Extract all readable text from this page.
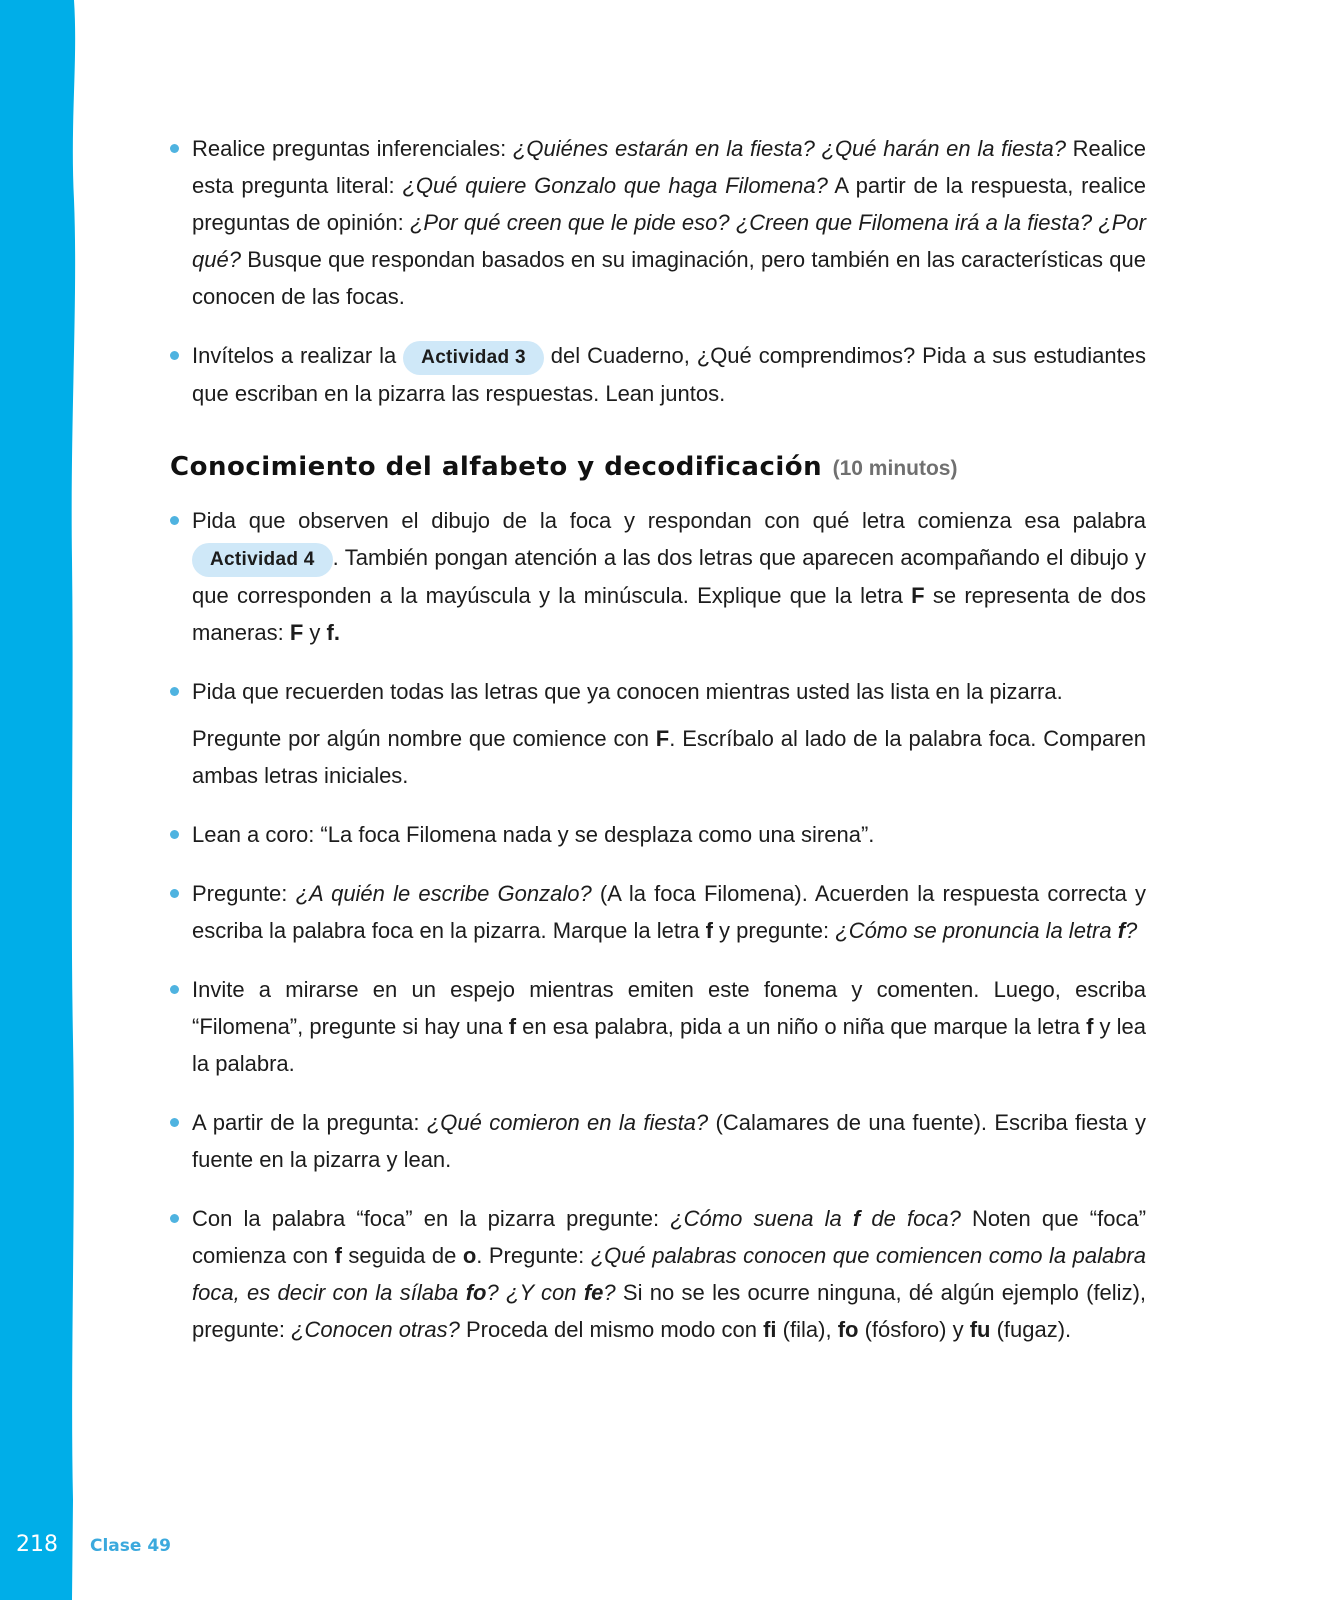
Realice preguntas inferenciales: ¿Quiénes estarán en la fiesta? ¿Qué harán en la fiesta? Realice esta pregunta literal: ¿Qué quiere Gonzalo que haga Filomena? A partir de la respuesta, realice preguntas de opinión: ¿Por qué creen que le pide eso? ¿Creen que Filomena irá a la fiesta? ¿Por qué? Busque que respondan basados en su imaginación, pero también en las características que conocen de las focas.
Invítelos a realizar la Actividad 3 del Cuaderno, ¿Qué comprendimos? Pida a sus estudiantes que escriban en la pizarra las respuestas. Lean juntos.
Conocimiento del alfabeto y decodificación (10 minutos)
Pida que observen el dibujo de la foca y respondan con qué letra comienza esa palabra Actividad 4 . También pongan atención a las dos letras que aparecen acompañando el dibujo y que corresponden a la mayúscula y la minúscula. Explique que la letra F se representa de dos maneras: F y f.
Pida que recuerden todas las letras que ya conocen mientras usted las lista en la pizarra.
Pregunte por algún nombre que comience con F. Escríbalo al lado de la palabra foca. Comparen ambas letras iniciales.
Lean a coro: “La foca Filomena nada y se desplaza como una sirena”.
Pregunte: ¿A quién le escribe Gonzalo? (A la foca Filomena). Acuerden la respuesta correcta y escriba la palabra foca en la pizarra. Marque la letra f y pregunte: ¿Cómo se pronuncia la letra f?
Invite a mirarse en un espejo mientras emiten este fonema y comenten. Luego, escriba “Filomena”, pregunte si hay una f en esa palabra, pida a un niño o niña que marque la letra f y lea la palabra.
A partir de la pregunta: ¿Qué comieron en la fiesta? (Calamares de una fuente). Escriba fiesta y fuente en la pizarra y lean.
Con la palabra “foca” en la pizarra pregunte: ¿Cómo suena la f de foca? Noten que “foca” comienza con f seguida de o. Pregunte: ¿Qué palabras conocen que comiencen como la palabra foca, es decir con la sílaba fo? ¿Y con fe? Si no se les ocurre ninguna, dé algún ejemplo (feliz), pregunte: ¿Conocen otras? Proceda del mismo modo con fi (fila), fo (fósforo) y fu (fugaz).
218 Clase 49
